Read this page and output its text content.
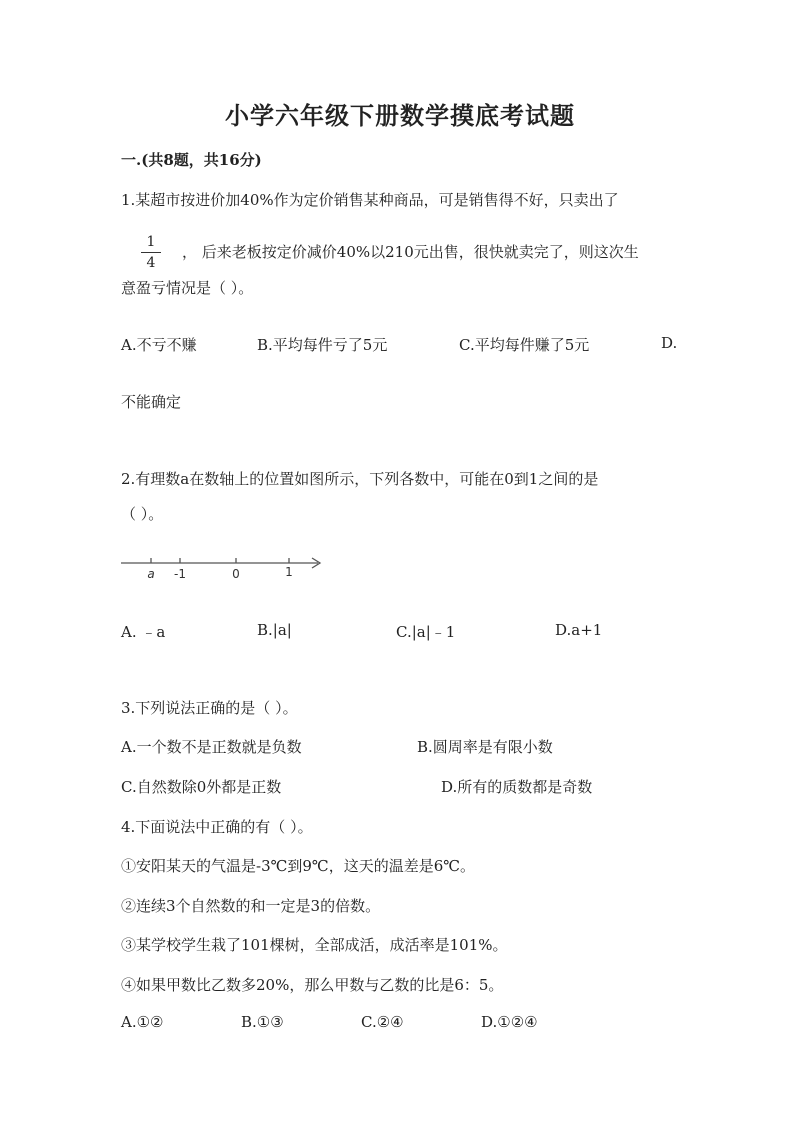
小学六年级下册数学摸底考试题
一.(共8题，共16分)
1.某超市按进价加40%作为定价销售某种商品，可是销售得不好，只卖出了
1
4
， 后来老板按定价减价40%以210元出售，很快就卖完了，则这次生
意盈亏情况是（ ）。
A.不亏不赚	B.平均每件亏了5元	C.平均每件赚了5元	D.
不能确定
2.有理数a在数轴上的位置如图所示，下列各数中，可能在0到1之间的是
（ ）。
a -1	0	1
A. ﹣a	B.|a|	C.|a|﹣1	D.a+1
3.下列说法正确的是（ ）。
A.一个数不是正数就是负数	B.圆周率是有限小数
C.自然数除0外都是正数	D.所有的质数都是奇数
4.下面说法中正确的有（ ）。
①安阳某天的气温是-3℃到9℃，这天的温差是6℃。
②连续3个自然数的和一定是3的倍数。
③某学校学生栽了101棵树，全部成活，成活率是101%。
④如果甲数比乙数多20%，那么甲数与乙数的比是6：5。
A.①②	B.①③	C.②④	D.①②④
